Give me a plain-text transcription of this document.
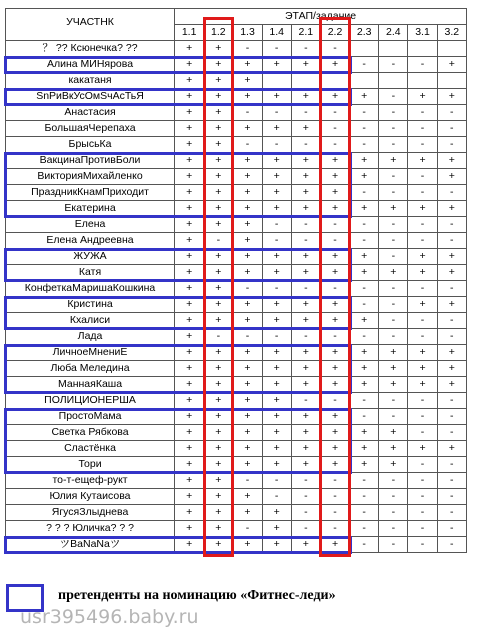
УЧАСТНК	ЭТАП/задание									
	1.1	1.2	1.3	1.4	2.1	2.2	2.3	2.4	3.1	3.2
？ ?? Ксюнечка? ??	+	+	-	-	-	-				
Алина МИНярова	+	+	+	+	+	+	-	-	-	+
какатаня	+	+	+							
SnPиВкУсОмЅчАсТьЯ	+	+	+	+	+	+	+	-	+	+
Анастасия	+	+	-	-	-	-	-	-	-	-
БольшаяЧерепаха	+	+	+	+	+	-	-	-	-	-
БрысьКа	+	+	-	-	-	-	-	-	-	-
ВакцинаПротивБоли	+	+	+	+	+	+	+	+	+	+
ВикторияМихайленко	+	+	+	+	+	+	+	-	-	+
ПраздникКнамПриходит	+	+	+	+	+	+	-	-	-	-
Екатерина	+	+	+	+	+	+	+	+	+	+
Елена	+	+	+	-	-	-	-	-	-	-
Елена Андреевна	+	-	+	-	-	-	-	-	-	-
ЖУЖА	+	+	+	+	+	+	+	-	+	+
Катя	+	+	+	+	+	+	+	+	+	+
КонфеткаМаришаКошкина	+	+	-	-	-	-	-	-	-	-
Кристина	+	+	+	+	+	+	-	-	+	+
Кхалиси	+	+	+	+	+	+	+	-	-	-
Лада	+	-	-	-	-	-	-	-	-	-
ЛичноеМнениЕ	+	+	+	+	+	+	+	+	+	+
Люба Меледина	+	+	+	+	+	+	+	+	+	+
МаннаяКаша	+	+	+	+	+	+	+	+	+	+
ПОЛИЦИОНЕРША	+	+	+	+	-	-	-	-	-	-
ПростоМама	+	+	+	+	+	+	-	-	-	-
Светка Рябкова	+	+	+	+	+	+	+	+	-	-
Сластёнка	+	+	+	+	+	+	+	+	+	+
Тори	+	+	+	+	+	+	+	+	-	-
то-т-ещеф-рукт	+	+	-	-	-	-	-	-	-	-
Юлия Кутаисова	+	+	+	-	-	-	-	-	-	-
ЯгусяЗлыднева	+	+	+	+	-	-	-	-	-	-
? ? ? Юличка? ? ?	+	+	-	+	-	-	-	-	-	-
ツBaNaNaツ	+	+	+	+	+	+	-	-	-	-
претенденты на номинацию «Фитнес-леди»
usr395496.baby.ru
